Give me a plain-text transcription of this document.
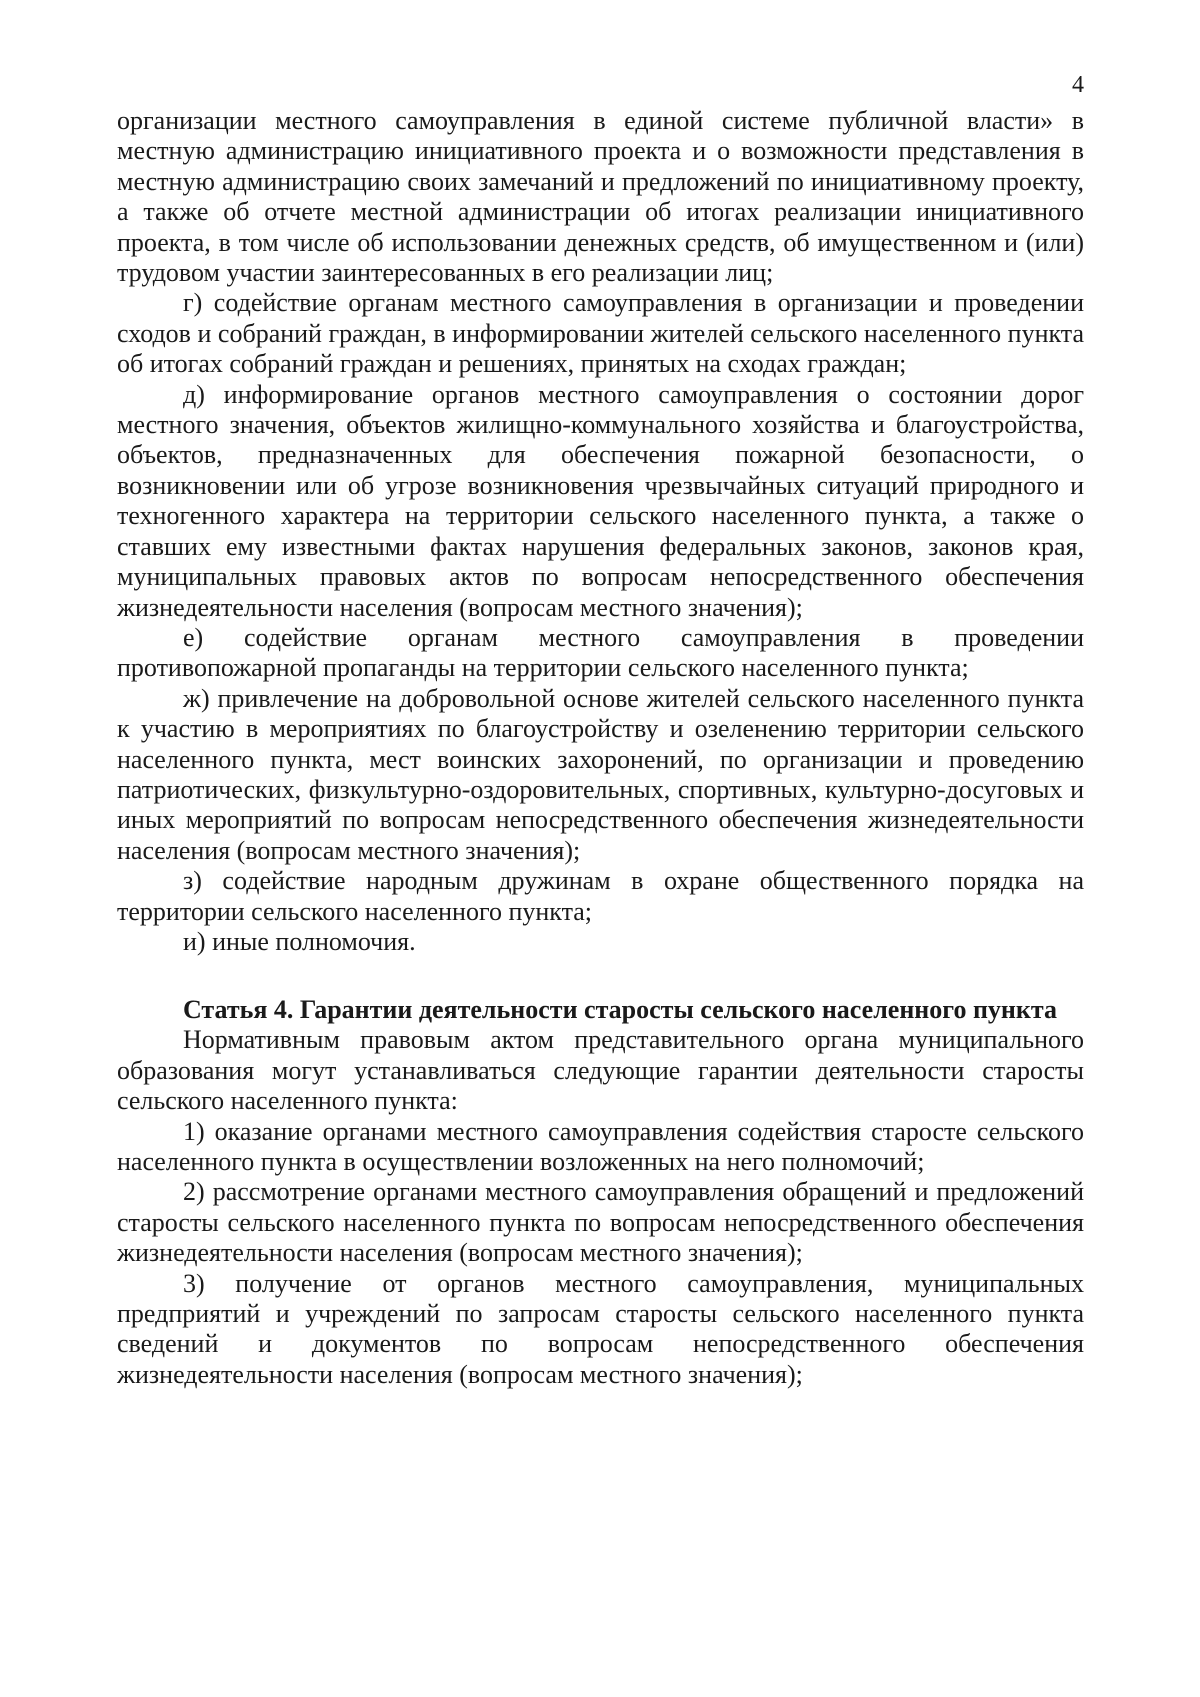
4

организации местного самоуправления в единой системе публичной власти» в местную администрацию инициативного проекта и о возможности представления в местную администрацию своих замечаний и предложений по инициативному проекту, а также об отчете местной администрации об итогах реализации инициативного проекта, в том числе об использовании денежных средств, об имущественном и (или) трудовом участии заинтересованных в его реализации лиц;

г) содействие органам местного самоуправления в организации и проведении сходов и собраний граждан, в информировании жителей сельского населенного пункта об итогах собраний граждан и решениях, принятых на сходах граждан;

д) информирование органов местного самоуправления о состоянии дорог местного значения, объектов жилищно-коммунального хозяйства и благоустройства, объектов, предназначенных для обеспечения пожарной безопасности, о возникновении или об угрозе возникновения чрезвычайных ситуаций природного и техногенного характера на территории сельского населенного пункта, а также о ставших ему известными фактах нарушения федеральных законов, законов края, муниципальных правовых актов по вопросам непосредственного обеспечения жизнедеятельности населения (вопросам местного значения);

е) содействие органам местного самоуправления в проведении противопожарной пропаганды на территории сельского населенного пункта;

ж) привлечение на добровольной основе жителей сельского населенного пункта к участию в мероприятиях по благоустройству и озеленению территории сельского населенного пункта, мест воинских захоронений, по организации и проведению патриотических, физкультурно-оздоровительных, спортивных, культурно-досуговых и иных мероприятий по вопросам непосредственного обеспечения жизнедеятельности населения (вопросам местного значения);

з) содействие народным дружинам в охране общественного порядка на территории сельского населенного пункта;

и) иные полномочия.

Статья 4. Гарантии деятельности старосты сельского населенного пункта

Нормативным правовым актом представительного органа муниципального образования могут устанавливаться следующие гарантии деятельности старосты сельского населенного пункта:

1) оказание органами местного самоуправления содействия старосте сельского населенного пункта в осуществлении возложенных на него полномочий;

2) рассмотрение органами местного самоуправления обращений и предложений старосты сельского населенного пункта по вопросам непосредственного обеспечения жизнедеятельности населения (вопросам местного значения);

3) получение от органов местного самоуправления, муниципальных предприятий и учреждений по запросам старосты сельского населенного пункта сведений и документов по вопросам непосредственного обеспечения жизнедеятельности населения (вопросам местного значения);
